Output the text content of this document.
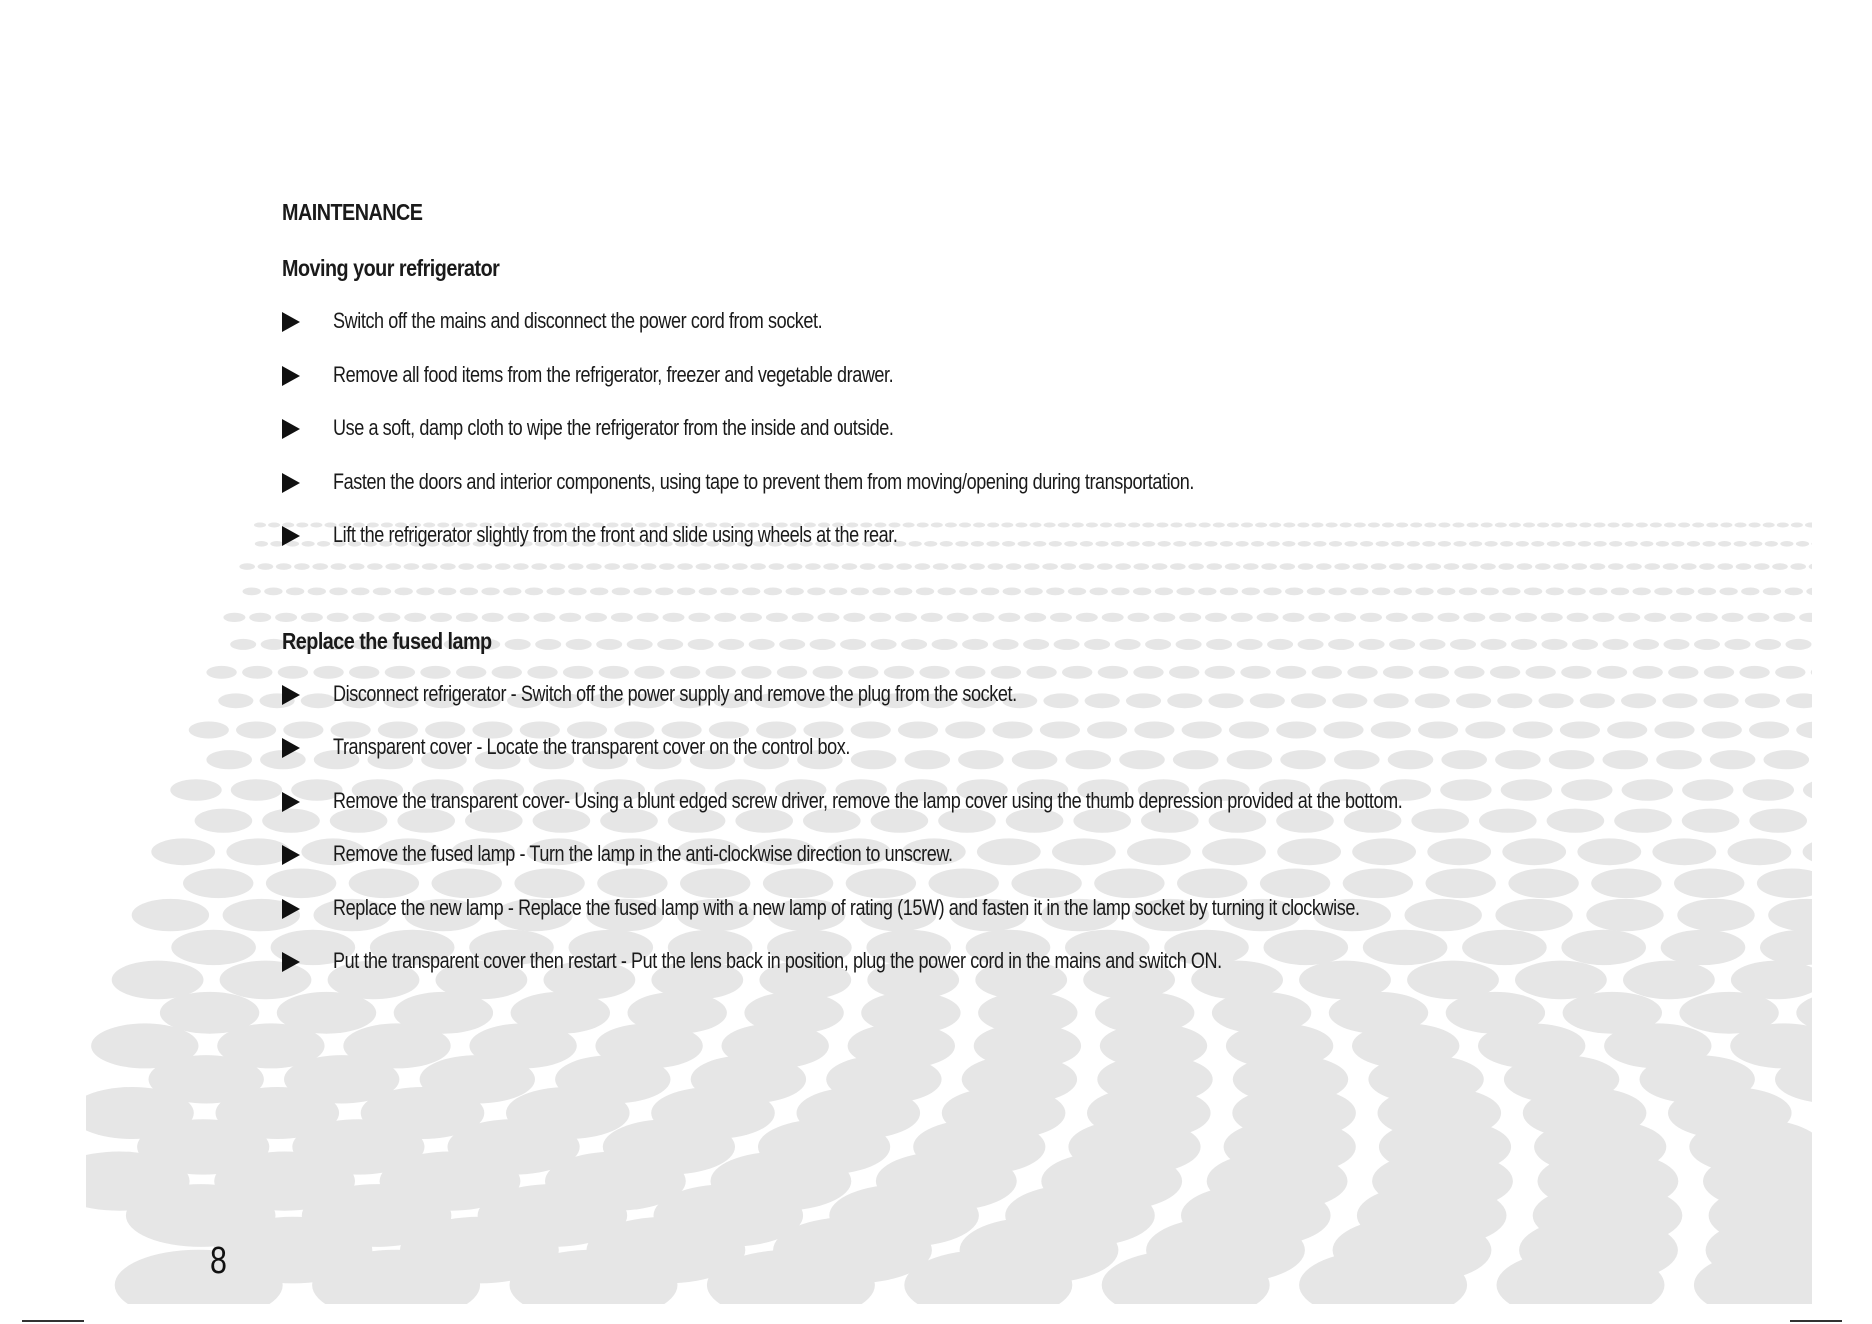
MAINTENANCE
Moving your refrigerator
Switch off the mains and disconnect the power cord from socket.
Remove all food items from the refrigerator, freezer and vegetable drawer.
Use a soft, damp cloth to wipe the refrigerator from the inside and outside.
Fasten the doors and interior components, using tape to prevent them from moving/opening during transportation.
Lift the refrigerator slightly from the front and slide using wheels at the rear.
Replace the fused lamp
Disconnect refrigerator - Switch off the power supply and remove the plug from the socket.
Transparent cover - Locate the transparent cover on the control box.
Remove the transparent cover- Using a blunt edged screw driver, remove the lamp cover using the thumb depression provided at the bottom.
Remove the fused lamp - Turn the lamp in the anti-clockwise direction to unscrew.
Replace the new lamp - Replace the fused lamp with a new lamp of rating (15W) and fasten it in the lamp socket by turning it clockwise.
Put the transparent cover then restart - Put the lens back in position, plug the power cord in the mains and switch ON.
8
